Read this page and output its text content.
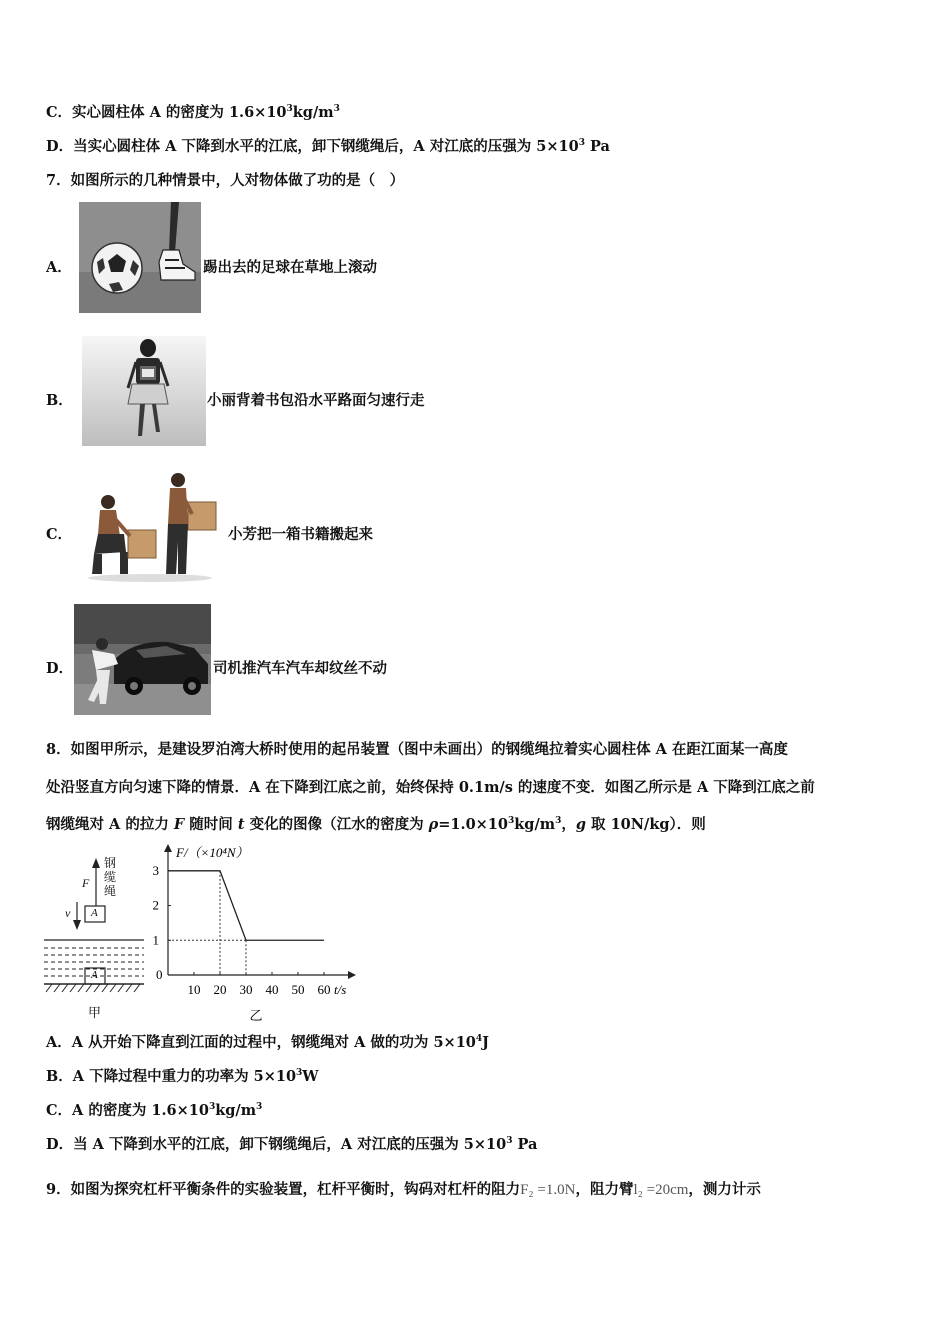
C．实心圆柱体 A 的密度为 $1.6\times 10^3kg/m^3$
D．当实心圆柱体 A 下降到水平的江底，卸下钢缆绳后，A 对江底的压强为 $5\times 10^3$ Pa
7．如图所示的几种情景中，人对物体做了功的是（　）
A．	踢出去的足球在草地上滚动
B．	小丽背着书包沿水平路面匀速行走
C．	小芳把一箱书籍搬起来
D．	司机推汽车汽车却纹丝不动
8．如图甲所示，是建设罗泊湾大桥时使用的起吊装置（图中未画出）的钢缆绳拉着实心圆柱体 A 在距江面某一高度
处沿竖直方向匀速下降的情景．A 在下降到江底之前，始终保持 0.1m/s 的速度不变．如图乙所示是 A 下降到江底之前
钢缆绳对 A 的拉力 F 随时间 t 变化的图像（江水的密度为 $\rho=1.0\times 10^3kg/m^3$，g 取 10N/kg）．则
钢
缆
绳
F
v A
A
甲
0
10 20 30 40 50 60
1
2
3
F/（×10⁴N）
t/s
乙
A．A 从开始下降直到江面的过程中，钢缆绳对 A 做的功为 $5\times 10^4J$
B．A 下降过程中重力的功率为 $5\times 10^3W$
C．A 的密度为 $1.6\times 10^3kg/m^3$
D．当 A 下降到水平的江底，卸下钢缆绳后，A 对江底的压强为 $5\times 10^3$ Pa
9．如图为探究杠杆平衡条件的实验装置，杠杆平衡时，钩码对杠杆的阻力F₂ =1.0N，阻力臂l₂ =20cm，测力计示
